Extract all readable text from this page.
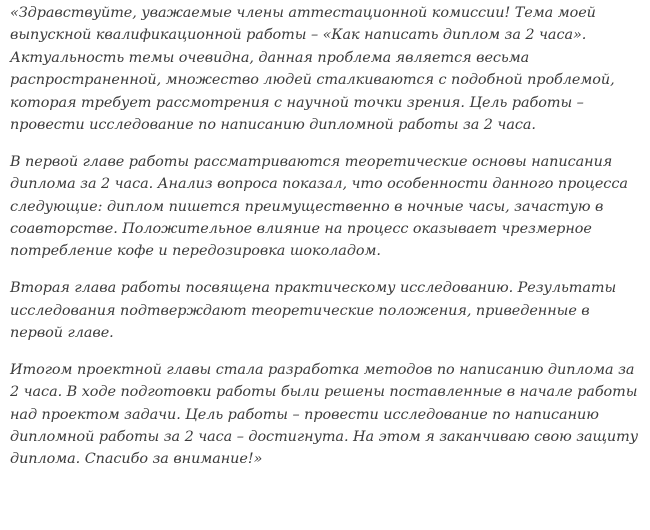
«Здравствуйте, уважаемые члены аттестационной комиссии! Тема моей выпускной квалификационной работы – «Как написать диплом за 2 часа». Актуальность темы очевидна, данная проблема является весьма распространенной, множество людей сталкиваются с подобной проблемой, которая требует рассмотрения с научной точки зрения. Цель работы – провести исследование по написанию дипломной работы за 2 часа.

В первой главе работы рассматриваются теоретические основы написания диплома за 2 часа. Анализ вопроса показал, что особенности данного процесса следующие: диплом пишется преимущественно в ночные часы, зачастую в соавторстве. Положительное влияние на процесс оказывает чрезмерное потребление кофе и передозировка шоколадом.

Вторая глава работы посвящена практическому исследованию. Результаты исследования подтверждают теоретические положения, приведенные в первой главе.

Итогом проектной главы стала разработка методов по написанию диплома за 2 часа. В ходе подготовки работы были решены поставленные в начале работы над проектом задачи. Цель работы – провести исследование по написанию дипломной работы за 2 часа – достигнута. На этом я заканчиваю свою защиту диплома. Спасибо за внимание!»
